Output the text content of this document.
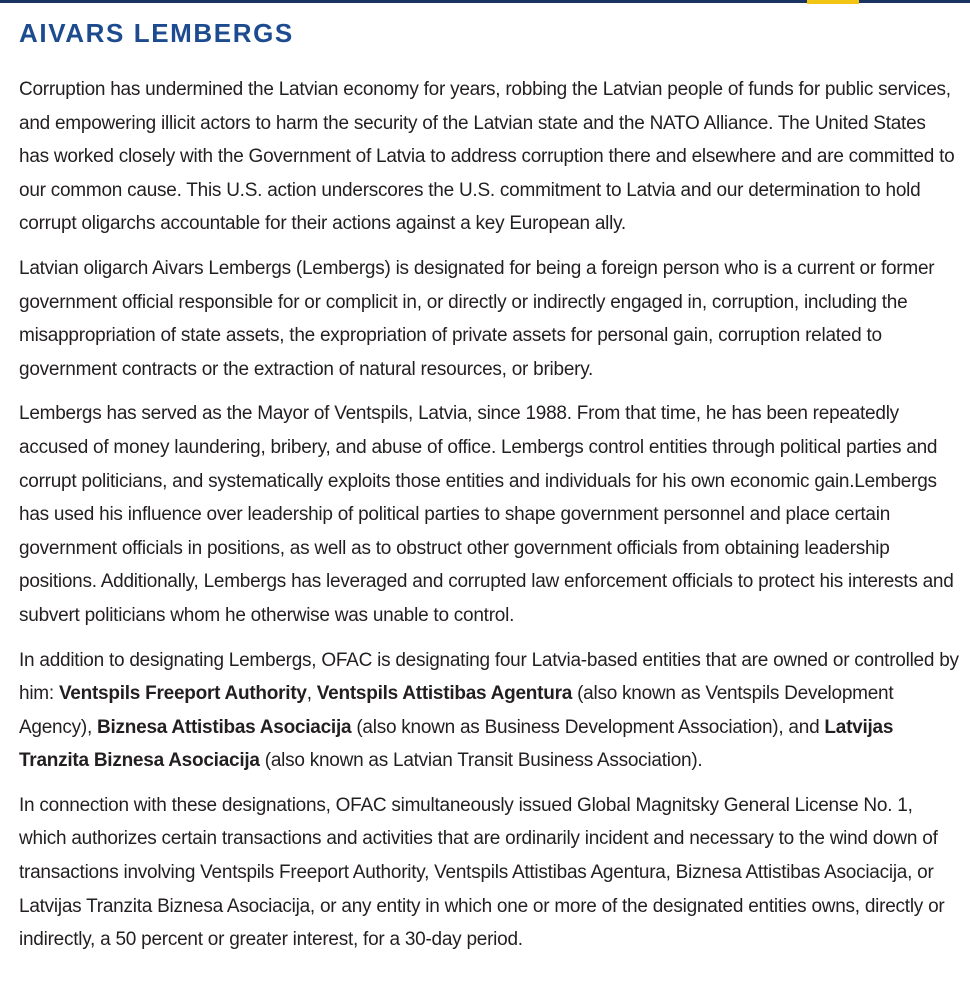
AIVARS LEMBERGS

Corruption has undermined the Latvian economy for years, robbing the Latvian people of funds for public services, and empowering illicit actors to harm the security of the Latvian state and the NATO Alliance. The United States has worked closely with the Government of Latvia to address corruption there and elsewhere and are committed to our common cause. This U.S. action underscores the U.S. commitment to Latvia and our determination to hold corrupt oligarchs accountable for their actions against a key European ally.

Latvian oligarch Aivars Lembergs (Lembergs) is designated for being a foreign person who is a current or former government official responsible for or complicit in, or directly or indirectly engaged in, corruption, including the misappropriation of state assets, the expropriation of private assets for personal gain, corruption related to government contracts or the extraction of natural resources, or bribery.

Lembergs has served as the Mayor of Ventspils, Latvia, since 1988. From that time, he has been repeatedly accused of money laundering, bribery, and abuse of office. Lembergs control entities through political parties and corrupt politicians, and systematically exploits those entities and individuals for his own economic gain.Lembergs has used his influence over leadership of political parties to shape government personnel and place certain government officials in positions, as well as to obstruct other government officials from obtaining leadership positions. Additionally, Lembergs has leveraged and corrupted law enforcement officials to protect his interests and subvert politicians whom he otherwise was unable to control.

In addition to designating Lembergs, OFAC is designating four Latvia-based entities that are owned or controlled by him: Ventspils Freeport Authority, Ventspils Attistibas Agentura (also known as Ventspils Development Agency), Biznesa Attistibas Asociacija (also known as Business Development Association), and Latvijas Tranzita Biznesa Asociacija (also known as Latvian Transit Business Association).

In connection with these designations, OFAC simultaneously issued Global Magnitsky General License No. 1, which authorizes certain transactions and activities that are ordinarily incident and necessary to the wind down of transactions involving Ventspils Freeport Authority, Ventspils Attistibas Agentura, Biznesa Attistibas Asociacija, or Latvijas Tranzita Biznesa Asociacija, or any entity in which one or more of the designated entities owns, directly or indirectly, a 50 percent or greater interest, for a 30-day period.
